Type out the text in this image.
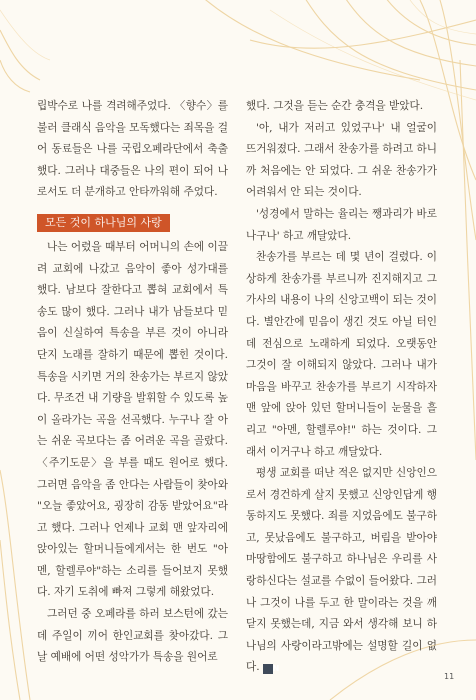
립박수로 나를 격려해주었다. 〈향수〉를 불러 클래식 음악을 모독했다는 죄목을 걸어 동료들은 나를 국립오페라단에서 축출했다. 그러나 대중들은 나의 편이 되어 나로서도 더 분개하고 안타까워해 주었다.

모든 것이 하나님의 사랑

나는 어렸을 때부터 어머니의 손에 이끌려 교회에 나갔고 음악이 좋아 성가대를 했다. 남보다 잘한다고 뽑혀 교회에서 특송도 많이 했다. 그러나 내가 남들보다 믿음이 신실하여 특송을 부른 것이 아니라 단지 노래를 잘하기 때문에 뽑힌 것이다. 특송을 시키면 거의 찬송가는 부르지 않았다. 무조건 내 기량을 발휘할 수 있도록 높이 올라가는 곡을 선곡했다. 누구나 잘 아는 쉬운 곡보다는 좀 어려운 곡을 골랐다. 〈주기도문〉을 부를 때도 원어로 했다. 그러면 음악을 좀 안다는 사람들이 찾아와 "오늘 좋았어요, 굉장히 감동 받았어요"라고 했다. 그러나 언제나 교회 맨 앞자리에 앉아있는 할머니들에게서는 한 번도 "아멘, 할렐루야"하는 소리를 들어보지 못했다. 자기 도취에 빠져 그렇게 해왔었다.

그러던 중 오페라를 하러 보스턴에 갔는데 주일이 끼어 한인교회를 찾아갔다. 그날 예배에 어떤 성악가가 특송을 원어로

했다. 그것을 듣는 순간 충격을 받았다.

'아, 내가 저러고 있었구나' 내 얼굴이 뜨거워졌다. 그래서 찬송가를 하려고 하니까 처음에는 안 되었다. 그 쉬운 찬송가가 어려워서 안 되는 것이다.

'성경에서 말하는 율리는 쨍과리가 바로 나구나' 하고 깨달았다.

찬송가를 부르는 데 몇 년이 걸렸다. 이상하게 찬송가를 부르니까 진지해지고 그 가사의 내용이 나의 신앙고백이 되는 것이다. 별안간에 믿음이 생긴 것도 아닐 터인데 전심으로 노래하게 되었다. 오랫동안 그것이 잘 이해되지 않았다. 그러나 내가 마음을 바꾸고 찬송가를 부르기 시작하자 맨 앞에 앉아 있던 할머니들이 눈물을 흘리고 "아멘, 할렐루야!" 하는 것이다. 그래서 이거구나 하고 깨달았다.

평생 교회를 떠난 적은 없지만 신앙인으로서 경건하게 살지 못했고 신앙인답게 행동하지도 못했다. 죄를 지었음에도 불구하고, 못났음에도 불구하고, 버림을 받아야 마땅함에도 불구하고 하나님은 우리를 사랑하신다는 설교를 수없이 들어왔다. 그러나 그것이 나를 두고 한 말이라는 것을 깨닫지 못했는데, 지금 와서 생각해 보니 하나님의 사랑이라고밖에는 설명할 길이 없다. N

11
